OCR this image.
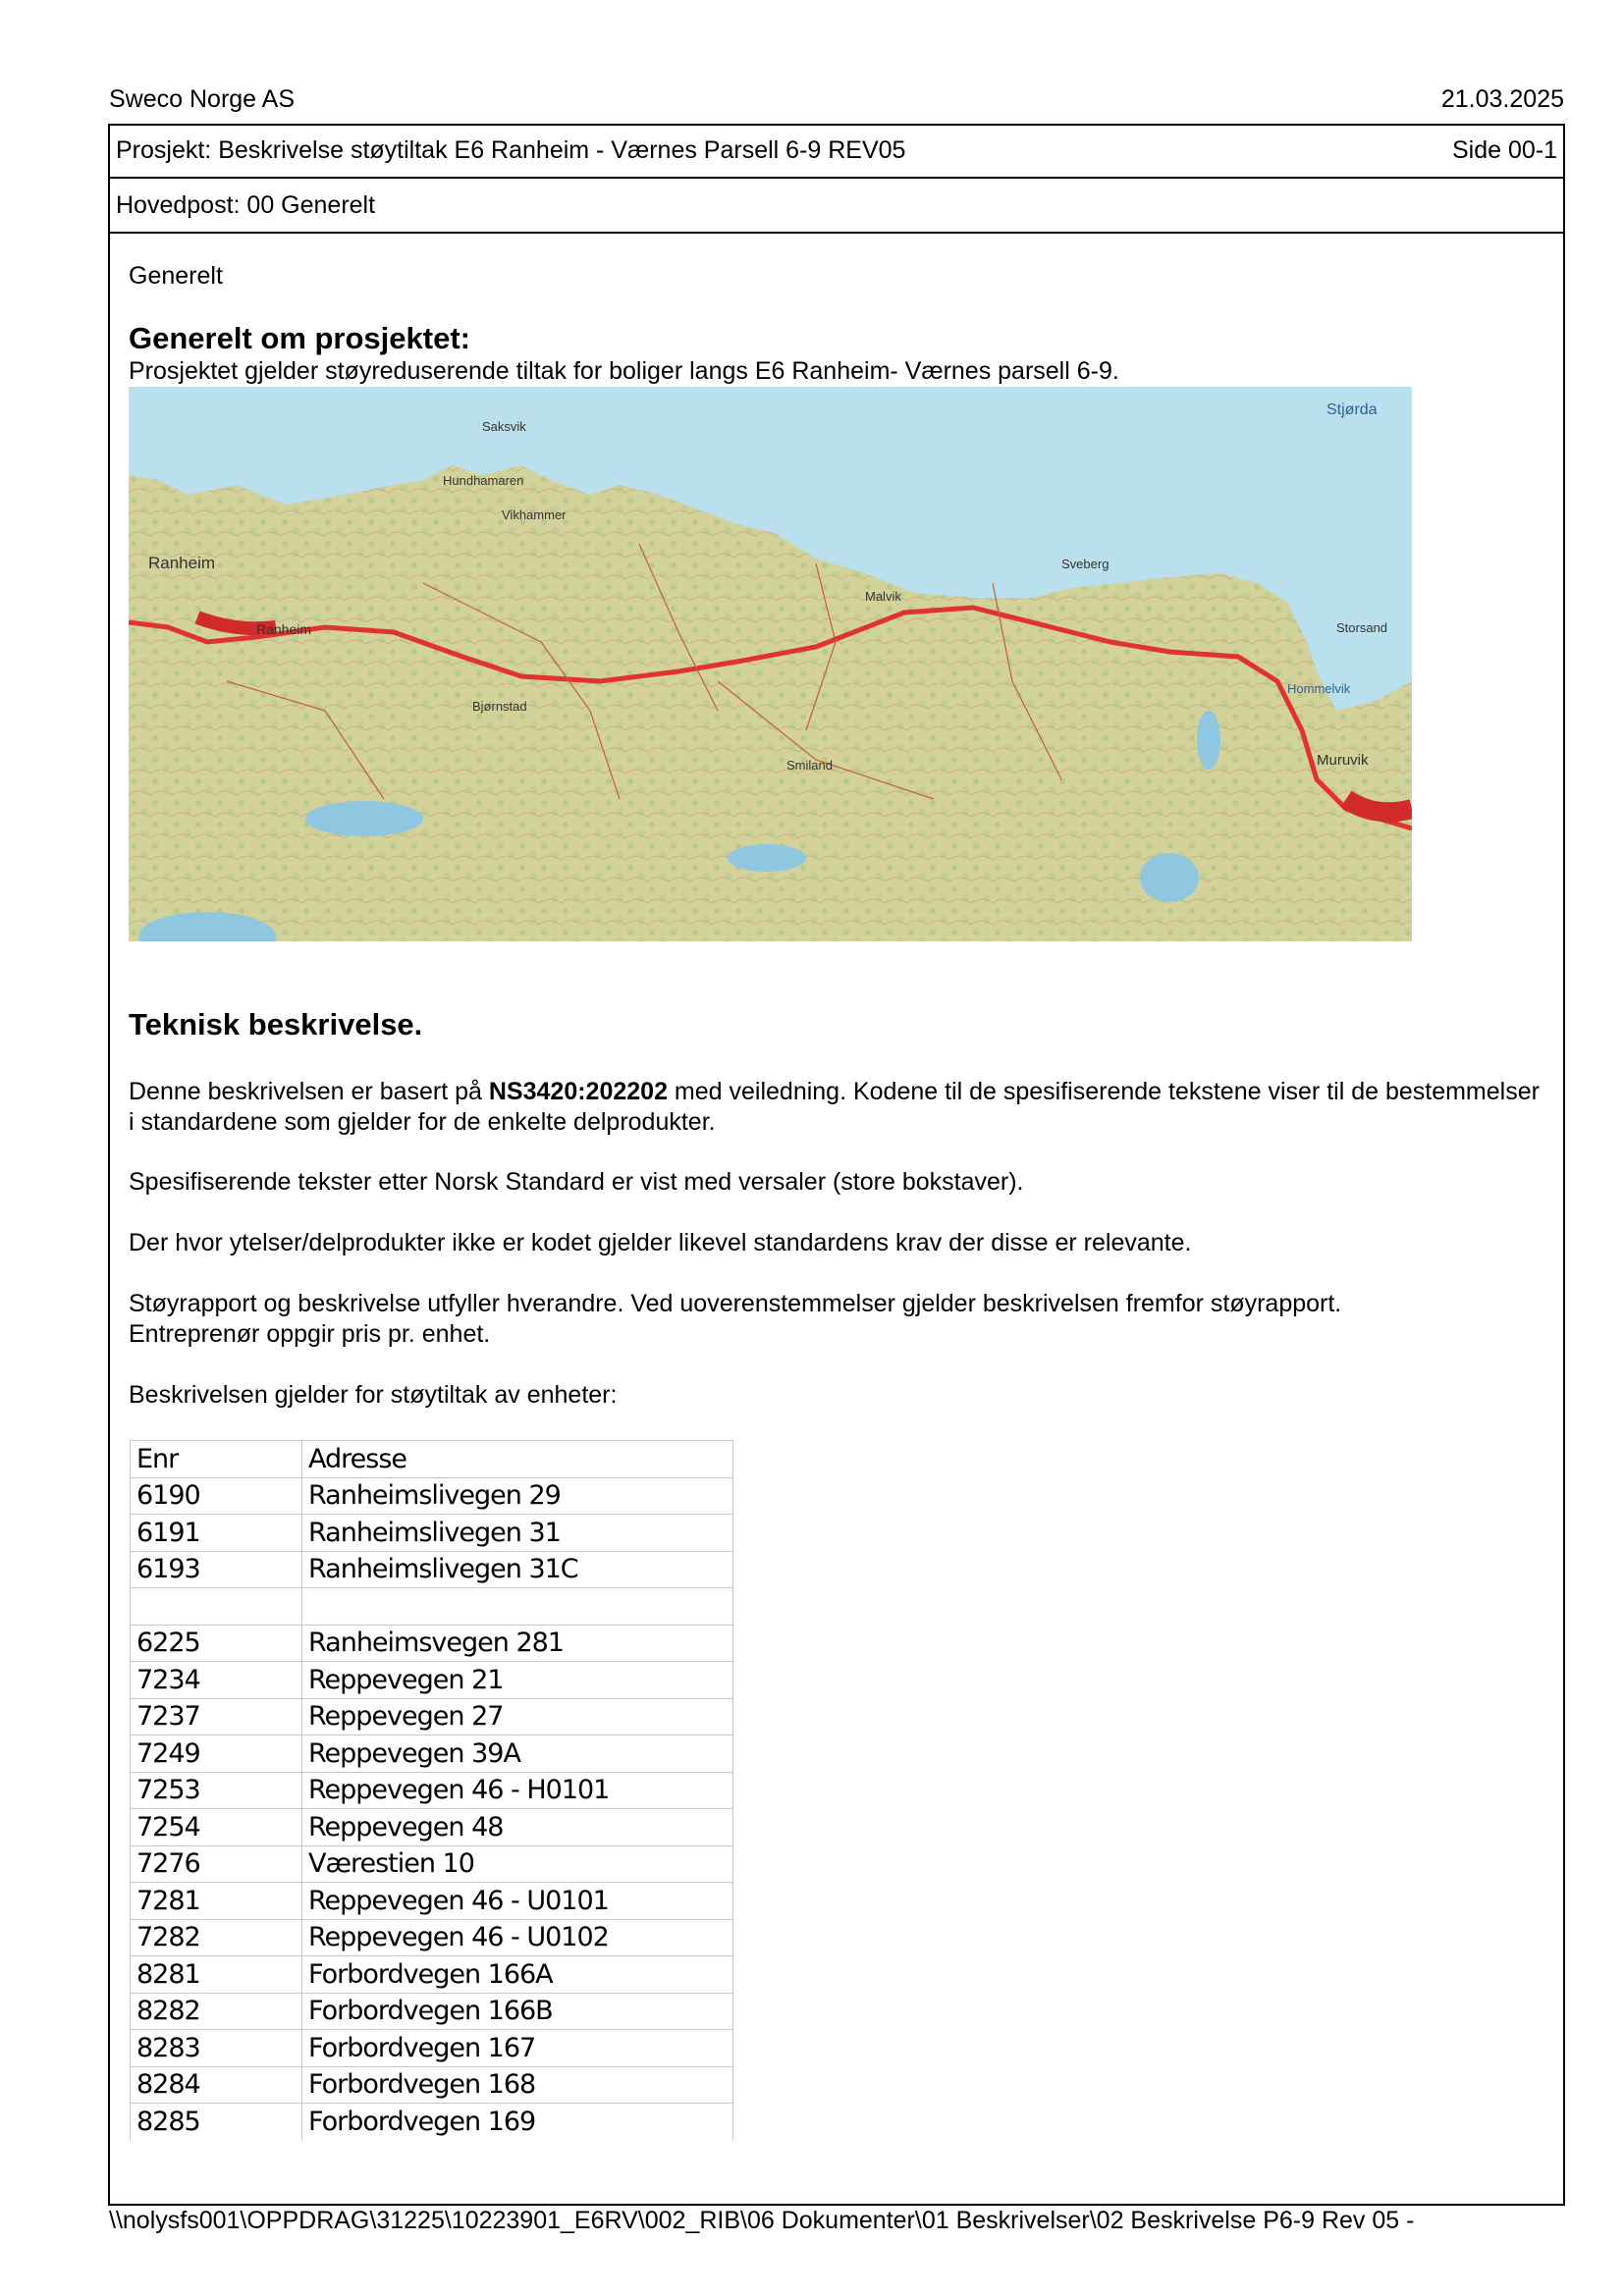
Sweco Norge AS	21.03.2025
Prosjekt: Beskrivelse støytiltak E6 Ranheim - Værnes Parsell 6-9 REV05	Side 00-1
Hovedpost: 00 Generelt
Generelt
Generelt om prosjektet:
Prosjektet gjelder støyreduserende tiltak for boliger langs E6 Ranheim- Værnes parsell 6-9.
Ranheim
Ranheim
Vikhammer
Hundhamaren
Malvik
Sveberg
Hommelvik
Storsand
Muruvik
Stjørda
Bjørnstad
Smiland
Saksvik
Teknisk beskrivelse.
Denne beskrivelsen er basert på NS3420:202202 med veiledning. Kodene til de spesifiserende tekstene viser til de bestemmelser i standardene som gjelder for de enkelte delprodukter.
Spesifiserende tekster etter Norsk Standard er vist med versaler (store bokstaver).
Der hvor ytelser/delprodukter ikke er kodet gjelder likevel standardens krav der disse er relevante.
Støyrapport og beskrivelse utfyller hverandre. Ved uoverenstemmelser gjelder beskrivelsen fremfor støyrapport.
Entreprenør oppgir pris pr. enhet.
Beskrivelsen gjelder for støytiltak av enheter:
Enr	Adresse
6190	Ranheimslivegen 29
6191	Ranheimslivegen 31
6193	Ranheimslivegen 31C

6225	Ranheimsvegen 281
7234	Reppevegen 21
7237	Reppevegen 27
7249	Reppevegen 39A
7253	Reppevegen 46 - H0101
7254	Reppevegen 48
7276	Værestien 10
7281	Reppevegen 46 - U0101
7282	Reppevegen 46 - U0102
8281	Forbordvegen 166A
8282	Forbordvegen 166B
8283	Forbordvegen 167
8284	Forbordvegen 168
8285	Forbordvegen 169
\\nolysfs001\OPPDRAG\31225\10223901_E6RV\002_RIB\06 Dokumenter\01 Beskrivelser\02 Beskrivelse P6-9 Rev 05 -
